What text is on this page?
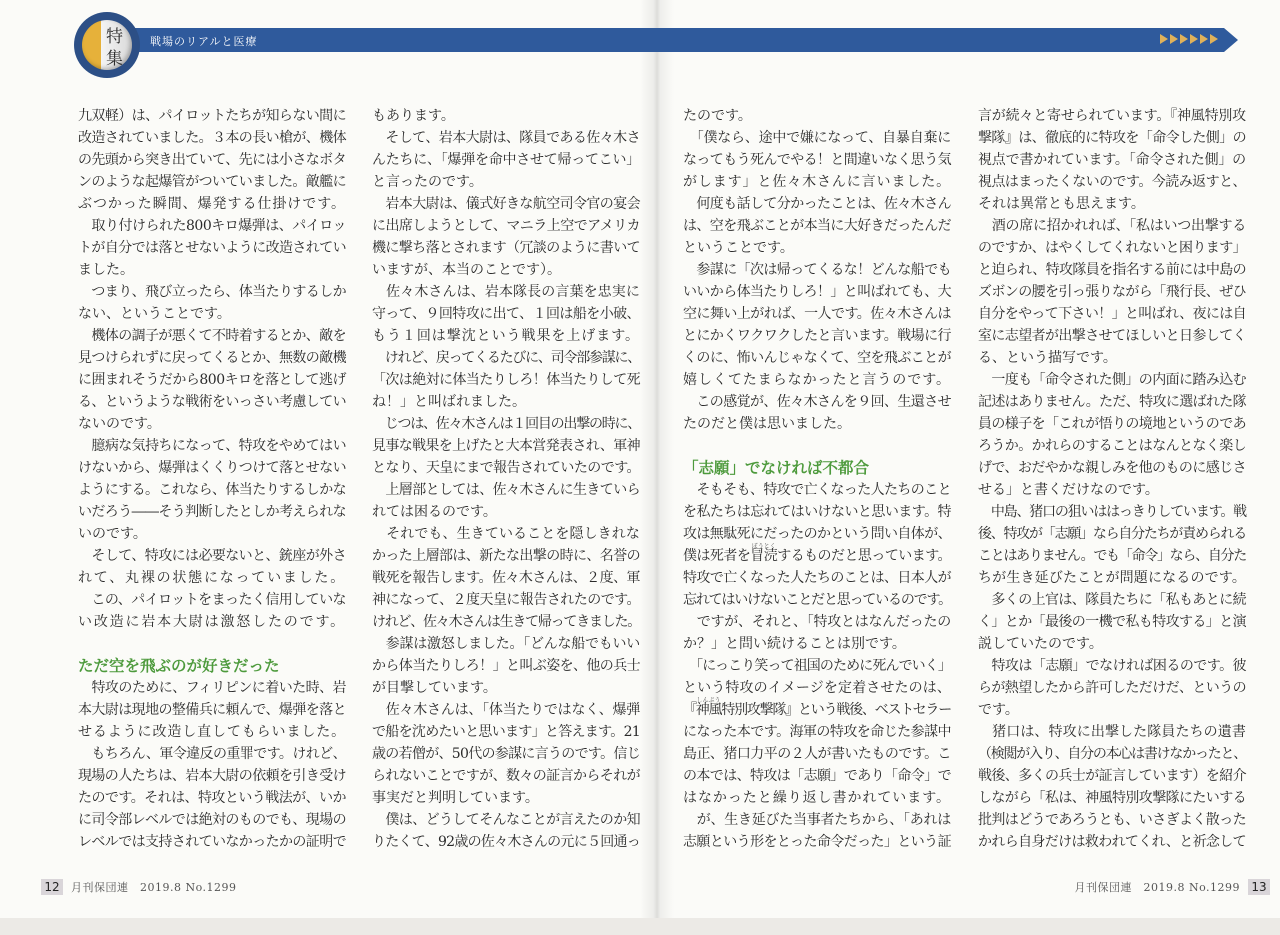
戦場のリアルと医療
特
集
九双軽）は、パイロットたちが知らない間に
改造されていました。３本の長い槍が、機体
の先頭から突き出ていて、先には小さなボタ
ンのような起爆管がついていました。敵艦に
ぶつかった瞬間、爆発する仕掛けです。
　取り付けられた800キロ爆弾は、パイロッ
トが自分では落とせないように改造されてい
ました。
　つまり、飛び立ったら、体当たりするしか
ない、ということです。
　機体の調子が悪くて不時着するとか、敵を
見つけられずに戻ってくるとか、無数の敵機
に囲まれそうだから800キロを落として逃げ
る、というような戦術をいっさい考慮してい
ないのです。
　臆病な気持ちになって、特攻をやめてはい
けないから、爆弾はくくりつけて落とせない
ようにする。これなら、体当たりするしかな
いだろう――そう判断したとしか考えられな
いのです。
　そして、特攻には必要ないと、銃座が外さ
れて、丸裸の状態になっていました。
　この、パイロットをまったく信用していな
い改造に岩本大尉は激怒したのです。
ただ空を飛ぶのが好きだった
　特攻のために、フィリピンに着いた時、岩
本大尉は現地の整備兵に頼んで、爆弾を落と
せるように改造し直してもらいました。
　もちろん、軍令違反の重罪です。けれど、
現場の人たちは、岩本大尉の依頼を引き受け
たのです。それは、特攻という戦法が、いか
に司令部レベルでは絶対のものでも、現場の
レベルでは支持されていなかったかの証明で
もあります。
　そして、岩本大尉は、隊員である佐々木さ
んたちに、「爆弾を命中させて帰ってこい」
と言ったのです。
　岩本大尉は、儀式好きな航空司令官の宴会
に出席しようとして、マニラ上空でアメリカ
機に撃ち落とされます（冗談のように書いて
いますが、本当のことです）。
　佐々木さんは、岩本隊長の言葉を忠実に
守って、９回特攻に出て、１回は船を小破、
もう１回は撃沈という戦果を上げます。
　けれど、戻ってくるたびに、司令部参謀に、
「次は絶対に体当たりしろ！体当たりして死
ね！」と叫ばれました。
　じつは、佐々木さんは１回目の出撃の時に、
見事な戦果を上げたと大本営発表され、軍神
となり、天皇にまで報告されていたのです。
　上層部としては、佐々木さんに生きていら
れては困るのです。
　それでも、生きていることを隠しきれな
かった上層部は、新たな出撃の時に、名誉の
戦死を報告します。佐々木さんは、２度、軍
神になって、２度天皇に報告されたのです。
けれど、佐々木さんは生きて帰ってきました。
　参謀は激怒しました。「どんな船でもいい
から体当たりしろ！」と叫ぶ姿を、他の兵士
が目撃しています。
　佐々木さんは、「体当たりではなく、爆弾
で船を沈めたいと思います」と答えます。21
歳の若僧が、50代の参謀に言うのです。信じ
られないことですが、数々の証言からそれが
事実だと判明しています。
　僕は、どうしてそんなことが言えたのか知
りたくて、92歳の佐々木さんの元に５回通っ
たのです。
　「僕なら、途中で嫌になって、自暴自棄に
なってもう死んでやる！と間違いなく思う気
がします」と佐々木さんに言いました。
　何度も話して分かったことは、佐々木さん
は、空を飛ぶことが本当に大好きだったんだ
ということです。
　参謀に「次は帰ってくるな！どんな船でも
いいから体当たりしろ！」と叫ばれても、大
空に舞い上がれば、一人です。佐々木さんは
とにかくワクワクしたと言います。戦場に行
くのに、怖いんじゃなくて、空を飛ぶことが
嬉しくてたまらなかったと言うのです。
　この感覚が、佐々木さんを９回、生還させ
たのだと僕は思いました。
「志願」でなければ不都合
　そもそも、特攻で亡くなった人たちのこと
を私たちは忘れてはいけないと思います。特
攻は無駄死にだったのかという問い自体が、
僕は死者を冒涜するものだと思っています。
ぼうとく
特攻で亡くなった人たちのことは、日本人が
忘れてはいけないことだと思っているのです。
　ですが、それと、「特攻とはなんだったの
か？」と問い続けることは別です。
　「にっこり笑って祖国のために死んでいく」
という特攻のイメージを定着させたのは、
『神風特別攻撃隊』という戦後、ベストセラー
しんぷう
になった本です。海軍の特攻を命じた参謀中
島正、猪口力平の２人が書いたものです。こ
の本では、特攻は「志願」であり「命令」で
はなかったと繰り返し書かれています。
　が、生き延びた当事者たちから、「あれは
志願という形をとった命令だった」という証
言が続々と寄せられています。『神風特別攻
撃隊』は、徹底的に特攻を「命令した側」の
視点で書かれています。「命令された側」の
視点はまったくないのです。今読み返すと、
それは異常とも思えます。
　酒の席に招かれれば、「私はいつ出撃する
のですか、はやくしてくれないと困ります」
と迫られ、特攻隊員を指名する前には中島の
ズボンの腰を引っ張りながら「飛行長、ぜひ
自分をやって下さい！」と叫ばれ、夜には自
室に志望者が出撃させてほしいと日参してく
る、という描写です。
　一度も「命令された側」の内面に踏み込む
記述はありません。ただ、特攻に選ばれた隊
員の様子を「これが悟りの境地というのであ
ろうか。かれらのすることはなんとなく楽し
げで、おだやかな親しみを他のものに感じさ
せる」と書くだけなのです。
　中島、猪口の狙いははっきりしています。戦
後、特攻が「志願」なら自分たちが責められる
ことはありません。でも「命令」なら、自分た
ちが生き延びたことが問題になるのです。
　多くの上官は、隊員たちに「私もあとに続
く」とか「最後の一機で私も特攻する」と演
説していたのです。
　特攻は「志願」でなければ困るのです。彼
らが熱望したから許可しただけだ、というの
です。
　猪口は、特攻に出撃した隊員たちの遺書
（検閲が入り、自分の本心は書けなかったと、
戦後、多くの兵士が証言しています）を紹介
しながら「私は、神風特別攻撃隊にたいする
批判はどうであろうとも、いさぎよく散った
かれら自身だけは救われてくれ、と祈念して
12	月刊保団連　2019.8 No.1299	月刊保団連　2019.8 No.1299 13
